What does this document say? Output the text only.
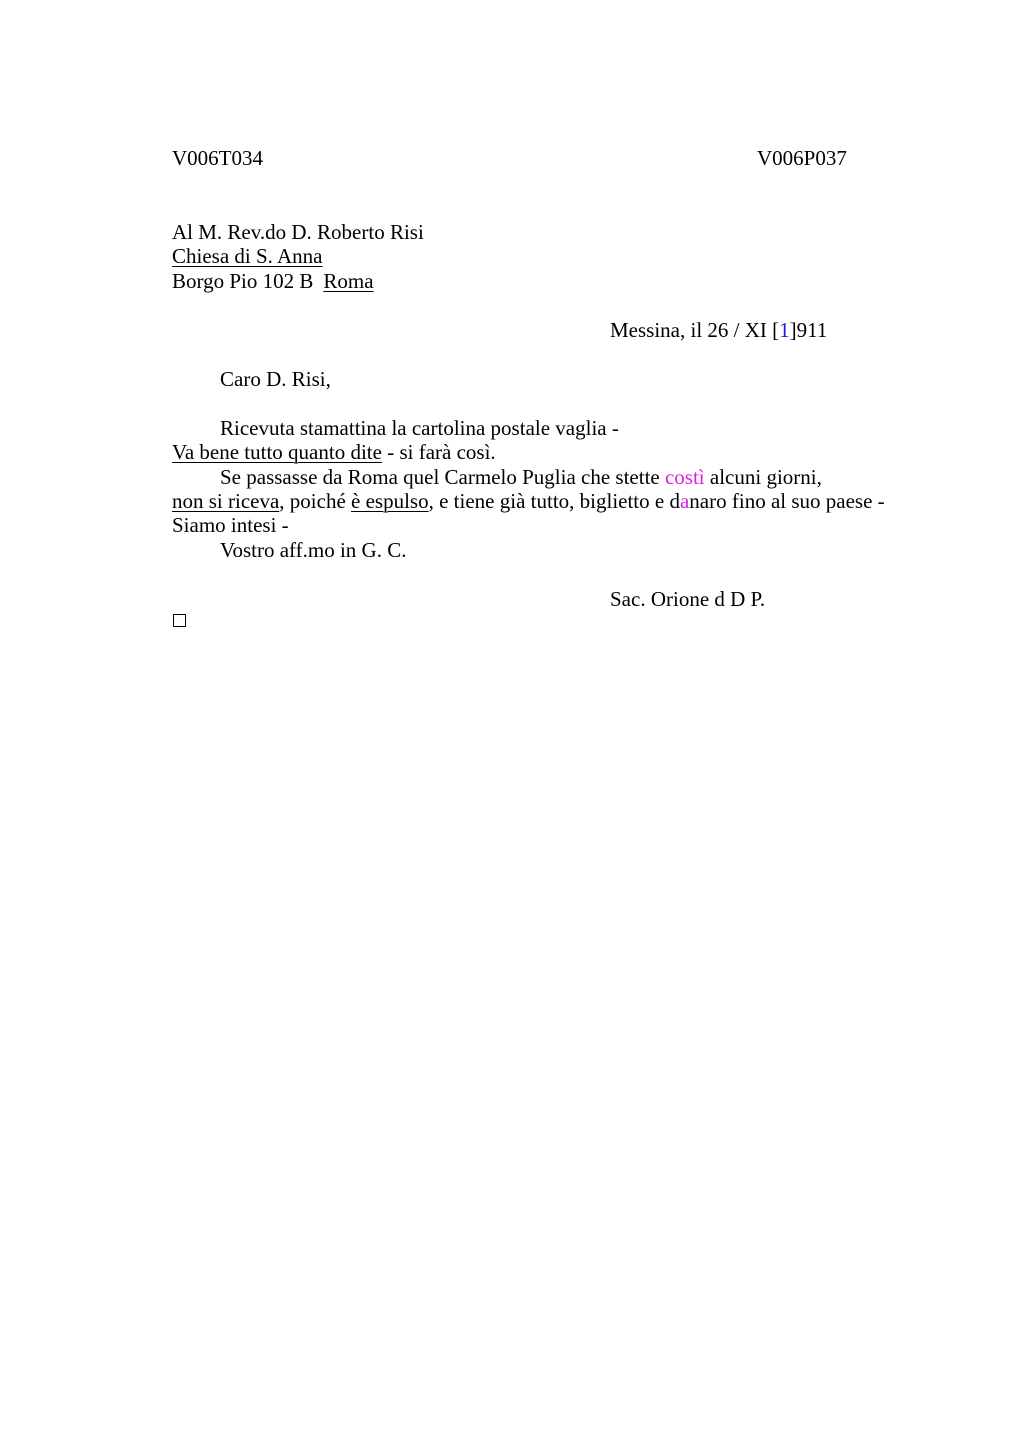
V006T034	V006P037
Al M. Rev.do D. Roberto Risi
Chiesa di S. Anna
Borgo Pio 102 B Roma
Messina, il 26 / XI [1]911
Caro D. Risi,
Ricevuta stamattina la cartolina postale vaglia -
Va bene tutto quanto dite - si farà così.
Se passasse da Roma quel Carmelo Puglia che stette costì alcuni giorni,
non si riceva, poiché è espulso, e tiene già tutto, biglietto e danaro fino al suo paese -
Siamo intesi -
Vostro aff.mo in G. C.
Sac. Orione d D P.
